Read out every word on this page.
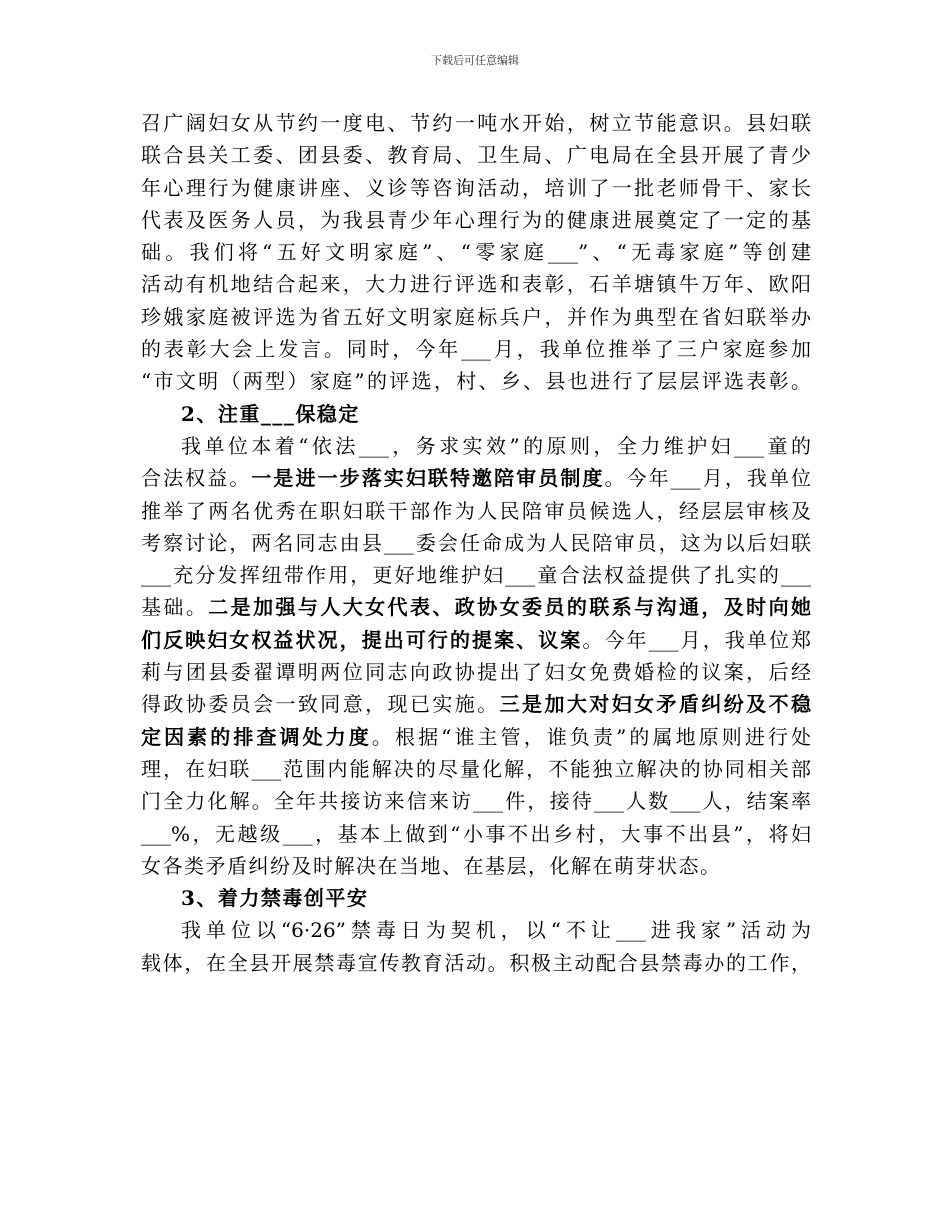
下载后可任意编辑
召广阔妇女从节约一度电、节约一吨水开始，树立节能意识。县妇联
联合县关工委、团县委、教育局、卫生局、广电局在全县开展了青少
年心理行为健康讲座、义诊等咨询活动，培训了一批老师骨干、家长
代表及医务人员，为我县青少年心理行为的健康进展奠定了一定的基
础。我们将“五好文明家庭”、“零家庭___”、“无毒家庭”等创建
活动有机地结合起来，大力进行评选和表彰，石羊塘镇牛万年、欧阳
珍娥家庭被评选为省五好文明家庭标兵户，并作为典型在省妇联举办
的表彰大会上发言。同时，今年___月，我单位推举了三户家庭参加
“市文明（两型）家庭”的评选，村、乡、县也进行了层层评选表彰。
2、注重___保稳定
我单位本着“依法___，务求实效”的原则，全力维护妇___童的
合法权益。一是进一步落实妇联特邀陪审员制度。今年___月，我单位
推举了两名优秀在职妇联干部作为人民陪审员候选人，经层层审核及
考察讨论，两名同志由县___委会任命成为人民陪审员，这为以后妇联
___充分发挥纽带作用，更好地维护妇___童合法权益提供了扎实的___
基础。二是加强与人大女代表、政协女委员的联系与沟通，及时向她
们反映妇女权益状况，提出可行的提案、议案。今年___月，我单位郑
莉与团县委翟谭明两位同志向政协提出了妇女免费婚检的议案，后经
得政协委员会一致同意，现已实施。三是加大对妇女矛盾纠纷及不稳
定因素的排查调处力度。根据“谁主管，谁负责”的属地原则进行处
理，在妇联___范围内能解决的尽量化解，不能独立解决的协同相关部
门全力化解。全年共接访来信来访___件，接待___人数___人，结案率
___%，无越级___，基本上做到“小事不出乡村，大事不出县”，将妇
女各类矛盾纠纷及时解决在当地、在基层，化解在萌芽状态。
3、着力禁毒创平安
我单位以“6·26”禁毒日为契机，以“不让___进我家”活动为
载体，在全县开展禁毒宣传教育活动。积极主动配合县禁毒办的工作，
